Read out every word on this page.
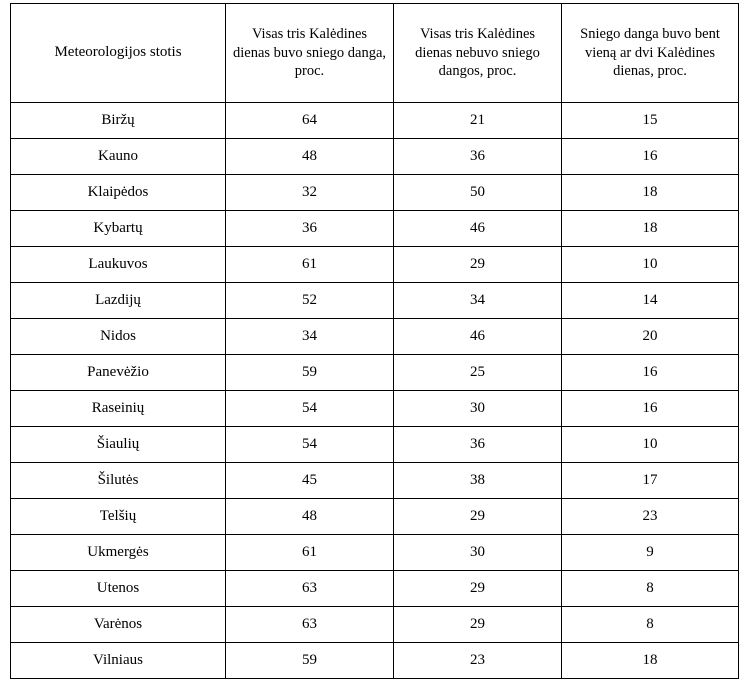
Meteorologijos stotis	Visas tris Kalėdines dienas buvo sniego danga, proc.	Visas tris Kalėdines dienas nebuvo sniego dangos, proc.	Sniego danga buvo bent vieną ar dvi Kalėdines dienas, proc.
Biržų	64	21	15
Kauno	48	36	16
Klaipėdos	32	50	18
Kybartų	36	46	18
Laukuvos	61	29	10
Lazdijų	52	34	14
Nidos	34	46	20
Panevėžio	59	25	16
Raseinių	54	30	16
Šiaulių	54	36	10
Šilutės	45	38	17
Telšių	48	29	23
Ukmergės	61	30	9
Utenos	63	29	8
Varėnos	63	29	8
Vilniaus	59	23	18
